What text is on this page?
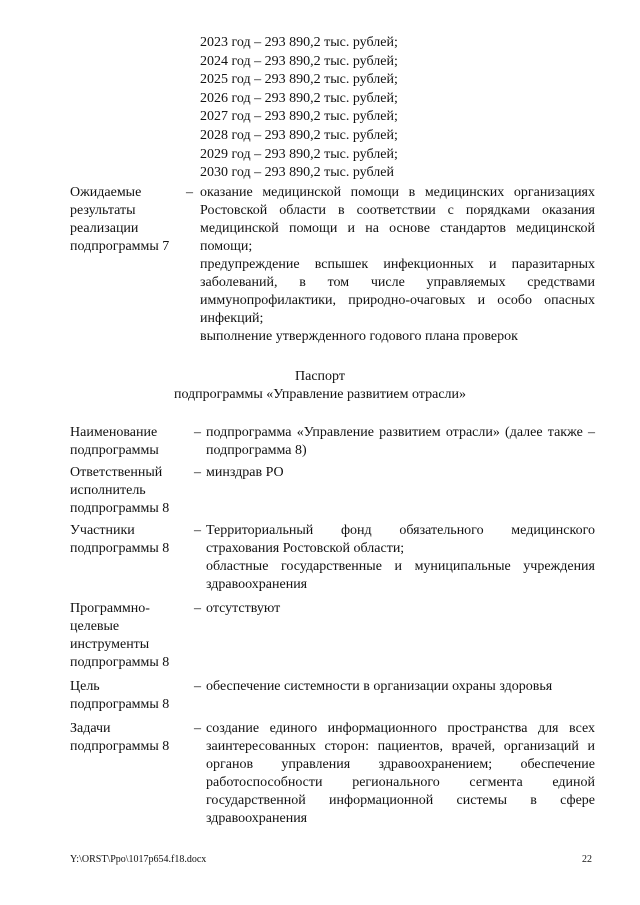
2023 год – 293 890,2 тыс. рублей;
2024 год – 293 890,2 тыс. рублей;
2025 год – 293 890,2 тыс. рублей;
2026 год – 293 890,2 тыс. рублей;
2027 год – 293 890,2 тыс. рублей;
2028 год – 293 890,2 тыс. рублей;
2029 год – 293 890,2 тыс. рублей;
2030 год – 293 890,2 тыс. рублей
Ожидаемые результаты реализации подпрограммы 7
– оказание медицинской помощи в медицинских организациях Ростовской области в соответствии с порядками оказания медицинской помощи и на основе стандартов медицинской помощи;

предупреждение вспышек инфекционных и паразитарных заболеваний, в том числе управляемых средствами иммунопрофилактики, природно-очаговых и особо опасных инфекций;

выполнение утвержденного годового плана проверок

Паспорт
подпрограммы «Управление развитием отрасли»
Наименование подпрограммы
– подпрограмма «Управление развитием отрасли» (далее также – подпрограмма 8)

Ответственный исполнитель подпрограммы 8
– минздрав РО

Участники подпрограммы 8
– Территориальный фонд обязательного медицинского страхования Ростовской области;

областные государственные и муниципальные учреждения здравоохранения

Программно-целевые инструменты подпрограммы 8
– отсутствуют

Цель подпрограммы 8
– обеспечение системности в организации охраны здоровья

Задачи подпрограммы 8
– создание единого информационного пространства для всех заинтересованных сторон: пациентов, врачей, организаций и органов управления здравоохранением; обеспечение работоспособности регионального сегмента единой государственной информационной системы в сфере здравоохранения

Y:\ORST\Ppo\1017p654.f18.docx	22
